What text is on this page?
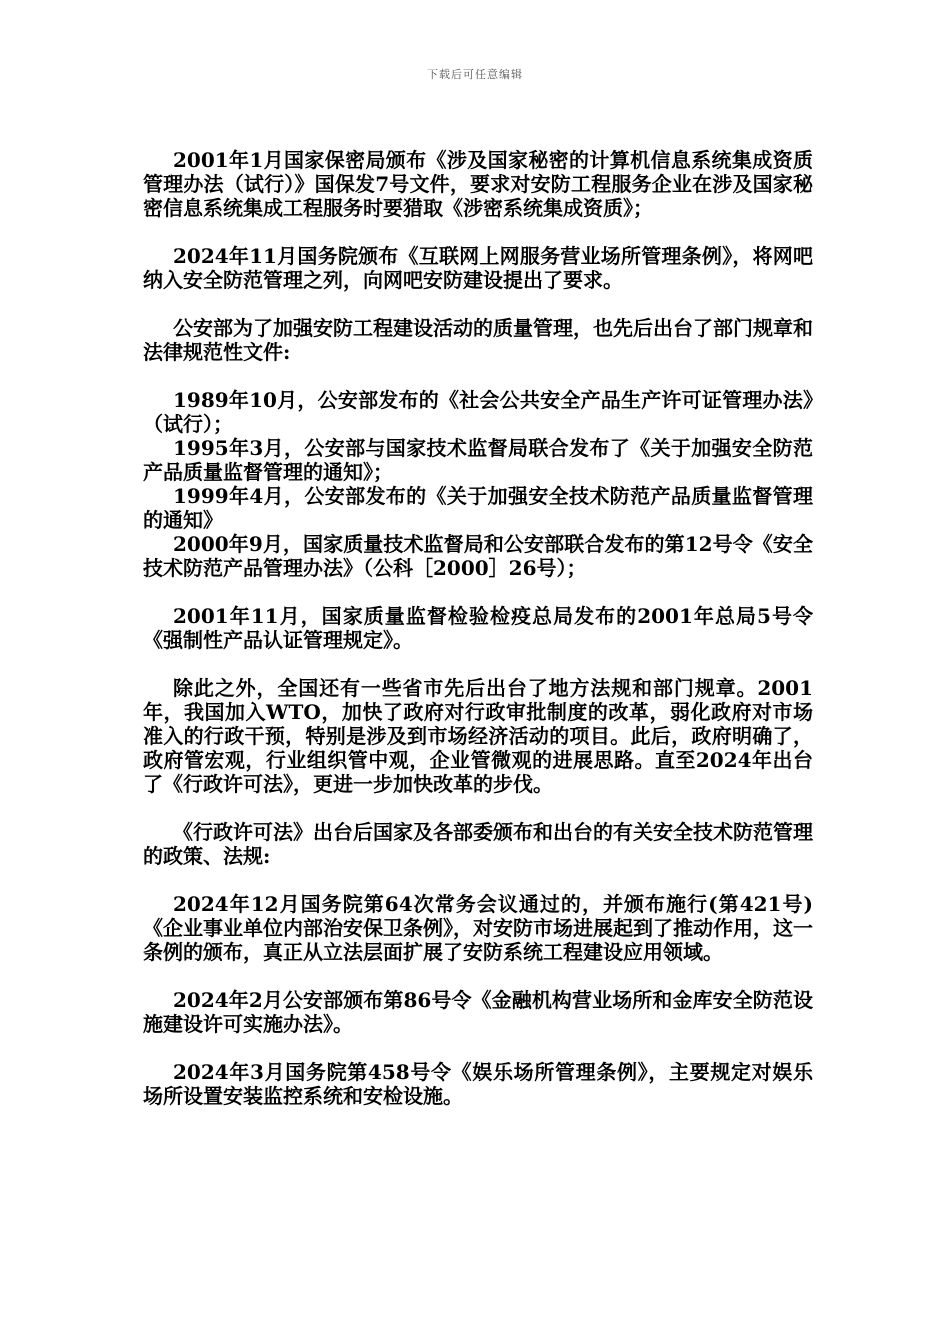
下载后可任意编辑

2001年1月国家保密局颁布《涉及国家秘密的计算机信息系统集成资质管理办法（试行）》国保发7号文件，要求对安防工程服务企业在涉及国家秘密信息系统集成工程服务时要猎取《涉密系统集成资质》；

2024年11月国务院颁布《互联网上网服务营业场所管理条例》，将网吧纳入安全防范管理之列，向网吧安防建设提出了要求。

公安部为了加强安防工程建设活动的质量管理，也先后出台了部门规章和法律规范性文件:

1989年10月，公安部发布的《社会公共安全产品生产许可证管理办法》（试行）；

1995年3月，公安部与国家技术监督局联合发布了《关于加强安全防范产品质量监督管理的通知》；

1999年4月，公安部发布的《关于加强安全技术防范产品质量监督管理的通知》

2000年9月，国家质量技术监督局和公安部联合发布的第12号令《安全技术防范产品管理办法》（公科［2000］26号）；

2001年11月，国家质量监督检验检疫总局发布的2001年总局5号令《强制性产品认证管理规定》。

除此之外，全国还有一些省市先后出台了地方法规和部门规章。2001年，我国加入WTO，加快了政府对行政审批制度的改革，弱化政府对市场准入的行政干预，特别是涉及到市场经济活动的项目。此后，政府明确了，政府管宏观，行业组织管中观，企业管微观的进展思路。直至2024年出台了《行政许可法》，更进一步加快改革的步伐。

《行政许可法》出台后国家及各部委颁布和出台的有关安全技术防范管理的政策、法规:

2024年12月国务院第64次常务会议通过的，并颁布施行(第421号) 《企业事业单位内部治安保卫条例》，对安防市场进展起到了推动作用，这一条例的颁布，真正从立法层面扩展了安防系统工程建设应用领域。

2024年2月公安部颁布第86号令《金融机构营业场所和金库安全防范设施建设许可实施办法》。

2024年3月国务院第458号令《娱乐场所管理条例》，主要规定对娱乐场所设置安装监控系统和安检设施。
